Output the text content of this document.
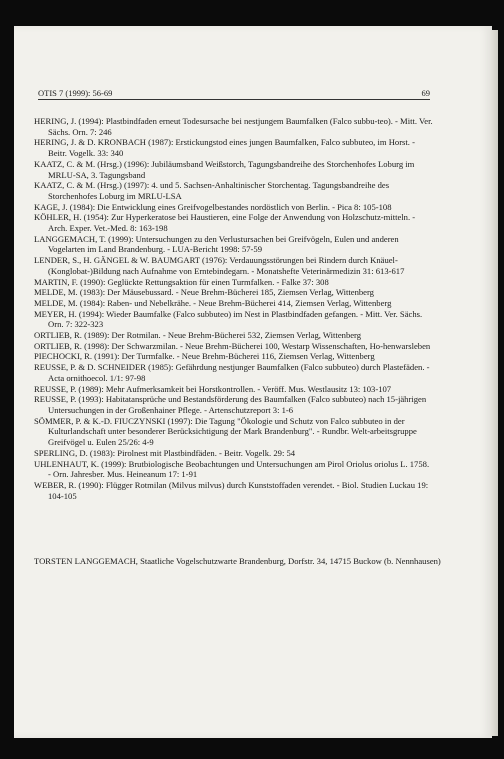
OTIS 7 (1999): 56-69	69

HERING, J. (1994): Plastbindfaden erneut Todesursache bei nestjungem Baumfalken (Falco subbu-teo). - Mitt. Ver. Sächs. Orn. 7: 246

HERING, J. & D. KRONBACH (1987): Erstickungstod eines jungen Baumfalken, Falco subbuteo, im Horst. - Beitr. Vogelk. 33: 340

KAATZ, C. & M. (Hrsg.) (1996): Jubiläumsband Weißstorch, Tagungsbandreihe des Storchenhofes Loburg im MRLU-SA, 3. Tagungsband

KAATZ, C. & M. (Hrsg.) (1997): 4. und 5. Sachsen-Anhaltinischer Storchentag. Tagungsbandreihe des Storchenhofes Loburg im MRLU-LSA

KAGE, J. (1984): Die Entwicklung eines Greifvogelbestandes nordöstlich von Berlin. - Pica 8: 105-108

KÖHLER, H. (1954): Zur Hyperkeratose bei Haustieren, eine Folge der Anwendung von Holzschutz-mitteln. - Arch. Exper. Vet.-Med. 8: 163-198

LANGGEMACH, T. (1999): Untersuchungen zu den Verlustursachen bei Greifvögeln, Eulen und anderen Vogelarten im Land Brandenburg. - LUA-Bericht 1998: 57-59

LENDER, S., H. GÄNGEL & W. BAUMGART (1976): Verdauungsstörungen bei Rindern durch Knäuel-(Konglobat-)Bildung nach Aufnahme von Erntebindegarn. - Monatshefte Veterinärmedizin 31: 613-617

MARTIN, F. (1990): Geglückte Rettungsaktion für einen Turmfalken. - Falke 37: 308

MELDE, M. (1983): Der Mäusebussard. - Neue Brehm-Bücherei 185, Ziemsen Verlag, Wittenberg

MELDE, M. (1984): Raben- und Nebelkrähe. - Neue Brehm-Bücherei 414, Ziemsen Verlag, Wittenberg

MEYER, H. (1994): Wieder Baumfalke (Falco subbuteo) im Nest in Plastbindfaden gefangen. - Mitt. Ver. Sächs. Orn. 7: 322-323

ORTLIEB, R. (1989): Der Rotmilan. - Neue Brehm-Bücherei 532, Ziemsen Verlag, Wittenberg

ORTLIEB, R. (1998): Der Schwarzmilan. - Neue Brehm-Bücherei 100, Westarp Wissenschaften, Ho-henwarsleben

PIECHOCKI, R. (1991): Der Turmfalke. - Neue Brehm-Bücherei 116, Ziemsen Verlag, Wittenberg

REUSSE, P. & D. SCHNEIDER (1985): Gefährdung nestjunger Baumfalken (Falco subbuteo) durch Plastefäden. - Acta ornithoecol. 1/1: 97-98

REUSSE, P. (1989): Mehr Aufmerksamkeit bei Horstkontrollen. - Veröff. Mus. Westlausitz 13: 103-107

REUSSE, P. (1993): Habitatansprüche und Bestandsförderung des Baumfalken (Falco subbuteo) nach 15-jährigen Untersuchungen in der Großenhainer Pflege. - Artenschutzreport 3: 1-6

SÖMMER, P. & K.-D. FIUCZYNSKI (1997): Die Tagung "Ökologie und Schutz von Falco subbuteo in der Kulturlandschaft unter besonderer Berücksichtigung der Mark Brandenburg". - Rundbr. Welt-arbeitsgruppe Greifvögel u. Eulen 25/26: 4-9

SPERLING, D. (1983): Pirolnest mit Plastbindfäden. - Beitr. Vogelk. 29: 54

UHLENHAUT, K. (1999): Brutbiologische Beobachtungen und Untersuchungen am Pirol Oriolus oriolus L. 1758. - Orn. Jahresber. Mus. Heineanum 17: 1-91

WEBER, R. (1990): Flügger Rotmilan (Milvus milvus) durch Kunststoffaden verendet. - Biol. Studien Luckau 19: 104-105

TORSTEN LANGGEMACH, Staatliche Vogelschutzwarte Brandenburg, Dorfstr. 34, 14715 Buckow (b. Nennhausen)
